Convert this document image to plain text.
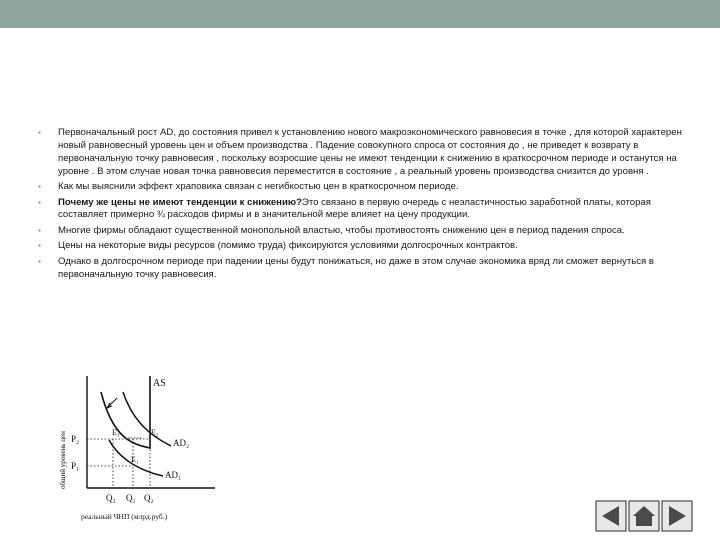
▪ Первоначальный рост AD, до состояния привел к установлению нового макроэкономического равновесия в точке , для которой характерен новый равновесный уровень цен и объем производства . Падение совокупного спроса от состояния до , не приведет к возврату в первоначальную точку равновесия , поскольку возросшие цены не имеют тенденции к снижению в краткосрочном периоде и останутся на уровне . В этом случае новая точка равновесия переместится в состояние , а реальный уровень производства снизится до уровня .
▪ Как мы выяснили эффект храповика связан с негибкостью цен в краткосрочном периоде.
▪ Почему же цены не имеют тенденции к снижению?Это связано в первую очередь с неэластичностью заработной платы, которая составляет примерно ¾ расходов фирмы и в значительной мере влияет на цену продукции.
▪ Многие фирмы обладают существенной монопольной властью, чтобы противостоять снижению цен в период падения спроса.
▪ Цены на некоторые виды ресурсов (помимо труда) фиксируются условиями долгосрочных контрактов.
▪ Однако в долгосрочном периоде при падении цены будут понижаться, но даже в этом случае экономика вряд ли сможет вернуться в первоначальную точку равновесия.
общий уровень цен
AS
AD₂
AD₁
E₃	E₂
E₁
P₂
P₁
Q₃ Q₁ Q₂
реальный ЧНП (млрд.руб.)
